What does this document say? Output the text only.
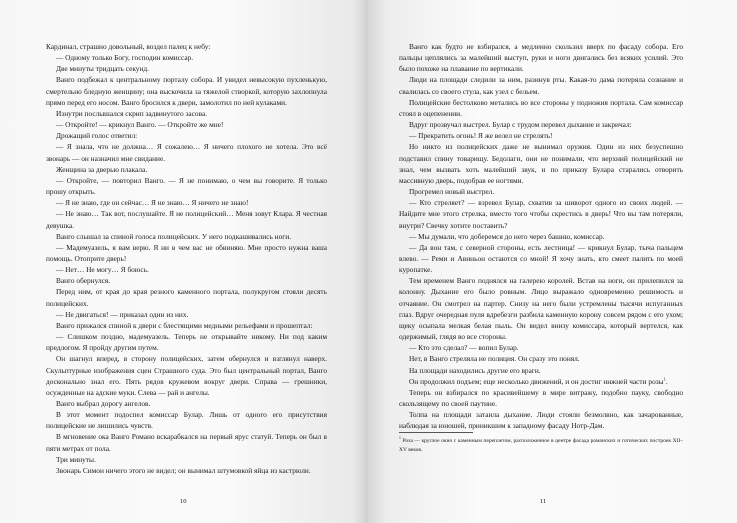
Кардинал, страшно довольный, воздел палец к небу:

— Одному только Богу, господин комиссар.

Две минуты тридцать секунд.

Ванго подбежал к центральному порталу собора. И увидел невысокую пухленькую, смертельно бледную женщину; она выскочила за тяжелой створкой, которую захлопнула прямо перед его носом. Ванго бросился к двери, замолотил по ней кулаками.

Изнутри послышался скрип задвинутого засова.

— Откройте! — крикнул Ванго. — Откройте же мне!

Дрожащий голос ответил:

— Я знала, что не должна… Я сожалею… Я ничего плохого не хотела. Это всё звонарь — он назначил мне свидание.

Женщина за дверью плакала.

— Откройте, — повторил Ванго. — Я не понимаю, о чем вы говорите. Я только прошу открыть.

— Я не знаю, где он сейчас… Я не знаю… Я ничего не знаю!

— Не знаю… Так вот, послушайте. Я не полицейский… Меня зовут Клара. Я честная девушка.

Ванго слышал за спиной голоса полицейских. У него подкашивались ноги.

— Мадемуазель, я вам верю. Я ни в чем вас не обвиняю. Мне просто нужна ваша помощь. Отоприте дверь!

— Нет… Не могу… Я боюсь.

Ванго обернулся.

Перед ним, от края до края резного каменного портала, полукругом стояли десять полицейских.

— Не двигаться! — приказал один из них.

Ванго прижался спиной к двери с блестящими медными рельефами и прошептал:

— Слишком поздно, мадемуазель. Теперь не открывайте никому. Ни под каким предлогом. Я пройду другим путем.

Он шагнул вперед, в сторону полицейских, затем обернулся и взглянул наверх. Скульптурные изображения сцен Страшного суда. Это был центральный портал, Ванго досконально знал его. Пять рядов кружевом вокруг двери. Справа — грешники, осужденные на адские муки. Слева — рай и ангелы.

Ванго выбрал дорогу ангелов.

В этот момент подоспел комиссар Булар. Лишь от одного его присутствия полицейские не лишились чувств.

В мгновение ока Ванго Романо вскарабкался на первый ярус статуй. Теперь он был в пяти метрах от пола.

Три минуты.

Звонарь Симон ничего этого не видел; он вынимал штумовкой яйца из кастрюли.

10

Ванго как будто не взбирался, а медленно скользил вверх по фасаду собора. Его пальцы цеплялись за малейший выступ, руки и ноги двигались без всяких усилий. Это было похоже на плавание по вертикали.

Люди на площади следили за ним, разинув рты. Какая-то дама потеряла сознание и свалилась со своего стула, как узел с бельем.

Полицейские бестолково метались во все стороны у подножия портала. Сам комиссар стоял в оцепенении.

Вдруг прозвучал выстрел. Булар с трудом перевел дыхание и закричал:

— Прекратить огонь! Я же велел не стрелять!

Но никто из полицейских даже не вынимал оружия. Один из них безуспешно подставил спину товарищу. Бедолаги, они не понимали, что верхний полицейский не знал, чем вызвать хоть малейший звук, и по приказу Булара старались отворить массивную дверь, подобрав ее ногтями.

Прогремел новый выстрел.

— Кто стреляет? — взревел Булар, схватив за шиворот одного из своих людей. — Найдите мне этого стрелка, вместо того чтобы скрестись в дверь! Что вы там потеряли, внутри? Свечку хотите поставить?

— Мы думали, что доберемся до него через башню, комиссар.

— Да вон там, с северной стороны, есть лестница! — крикнул Булар, тыча пальцем влево. — Реми и Авиньон остаются со мной! Я хочу знать, кто смеет палить по моей куропатке.

Тем временем Ванго поднялся на галерею королей. Встав на ноги, он прилепился за колонну. Дыхание его было ровным. Лицо выражало одновременно решимость и отчаяние. Он смотрел на партер. Снизу на него были устремлены тысячи испуганных глаз. Вдруг очередная пуля вдребезги разбила каменную корону совсем рядом с его ухом; щеку осыпала мелкая белая пыль. Он видел внизу комиссара, который вертелся, как одержимый, глядя во все стороны.

— Кто это сделал? — вопил Булар.

Нет, в Ванго стреляла не полиция. Он сразу это понял.

На площади находились другие его враги.

Он продолжил подъем; еще несколько движений, и он достиг нижней части розы$^1$.

Теперь он взбирался по красивейшему в мире витражу, подобно пауку, свободно скользящему по своей паутине.

Толпа на площади затаила дыхание. Люди стояли безмолвно, как зачарованные, наблюдая за юношей, приникшим к западному фасаду Нотр-Дам.

$^1$ Роза — круглое окно с каменным переплетом, расположенное в центре фасада романских и готических построек XII–XV веков.
11
